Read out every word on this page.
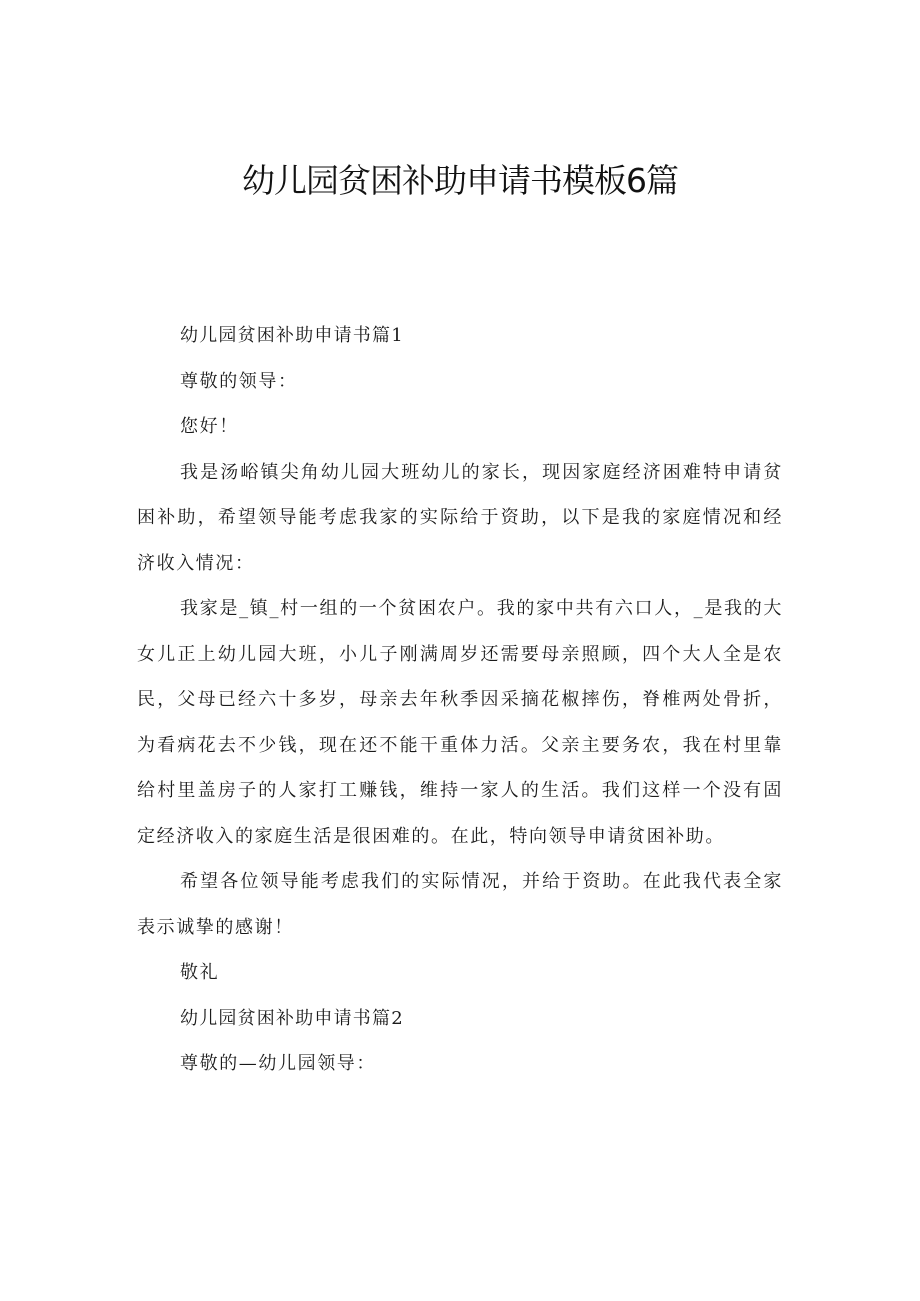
幼儿园贫困补助申请书模板6篇

幼儿园贫困补助申请书篇1

尊敬的领导：

您好！

我是汤峪镇尖角幼儿园大班幼儿的家长，现因家庭经济困难特申请贫困补助，希望领导能考虑我家的实际给于资助，以下是我的家庭情况和经济收入情况：

我家是_镇_村一组的一个贫困农户。我的家中共有六口人，_是我的大女儿正上幼儿园大班，小儿子刚满周岁还需要母亲照顾，四个大人全是农民，父母已经六十多岁，母亲去年秋季因采摘花椒摔伤，脊椎两处骨折，为看病花去不少钱，现在还不能干重体力活。父亲主要务农，我在村里靠给村里盖房子的人家打工赚钱，维持一家人的生活。我们这样一个没有固定经济收入的家庭生活是很困难的。在此，特向领导申请贫困补助。

希望各位领导能考虑我们的实际情况，并给于资助。在此我代表全家表示诚挚的感谢！

敬礼

幼儿园贫困补助申请书篇2

尊敬的—幼儿园领导：
